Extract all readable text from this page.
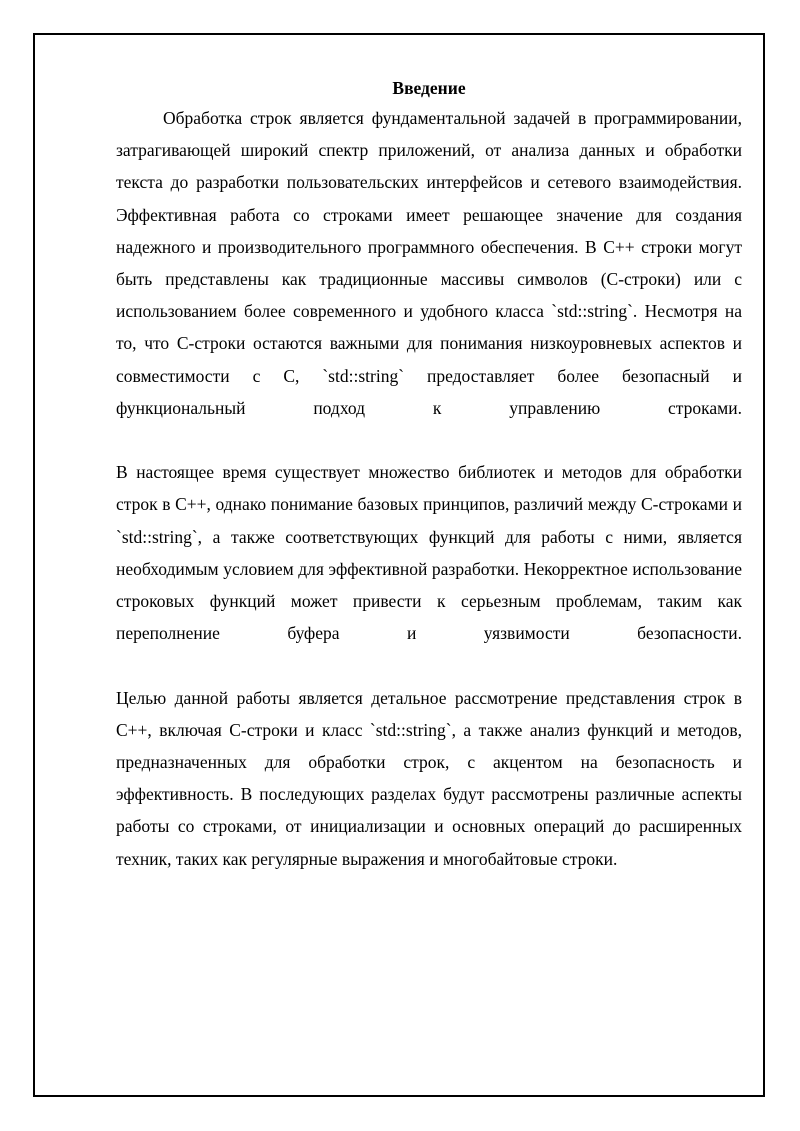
Введение

Обработка строк является фундаментальной задачей в программировании, затрагивающей широкий спектр приложений, от анализа данных и обработки текста до разработки пользовательских интерфейсов и сетевого взаимодействия. Эффективная работа со строками имеет решающее значение для создания надежного и производительного программного обеспечения. В C++ строки могут быть представлены как традиционные массивы символов (C-строки) или с использованием более современного и удобного класса `std::string`. Несмотря на то, что C-строки остаются важными для понимания низкоуровневых аспектов и совместимости с C, `std::string` предоставляет более безопасный и функциональный подход к управлению строками.

В настоящее время существует множество библиотек и методов для обработки строк в C++, однако понимание базовых принципов, различий между C-строками и `std::string`, а также соответствующих функций для работы с ними, является необходимым условием для эффективной разработки. Некорректное использование строковых функций может привести к серьезным проблемам, таким как переполнение буфера и уязвимости безопасности.

Целью данной работы является детальное рассмотрение представления строк в C++, включая C-строки и класс `std::string`, а также анализ функций и методов, предназначенных для обработки строк, с акцентом на безопасность и эффективность. В последующих разделах будут рассмотрены различные аспекты работы со строками, от инициализации и основных операций до расширенных техник, таких как регулярные выражения и многобайтовые строки.
